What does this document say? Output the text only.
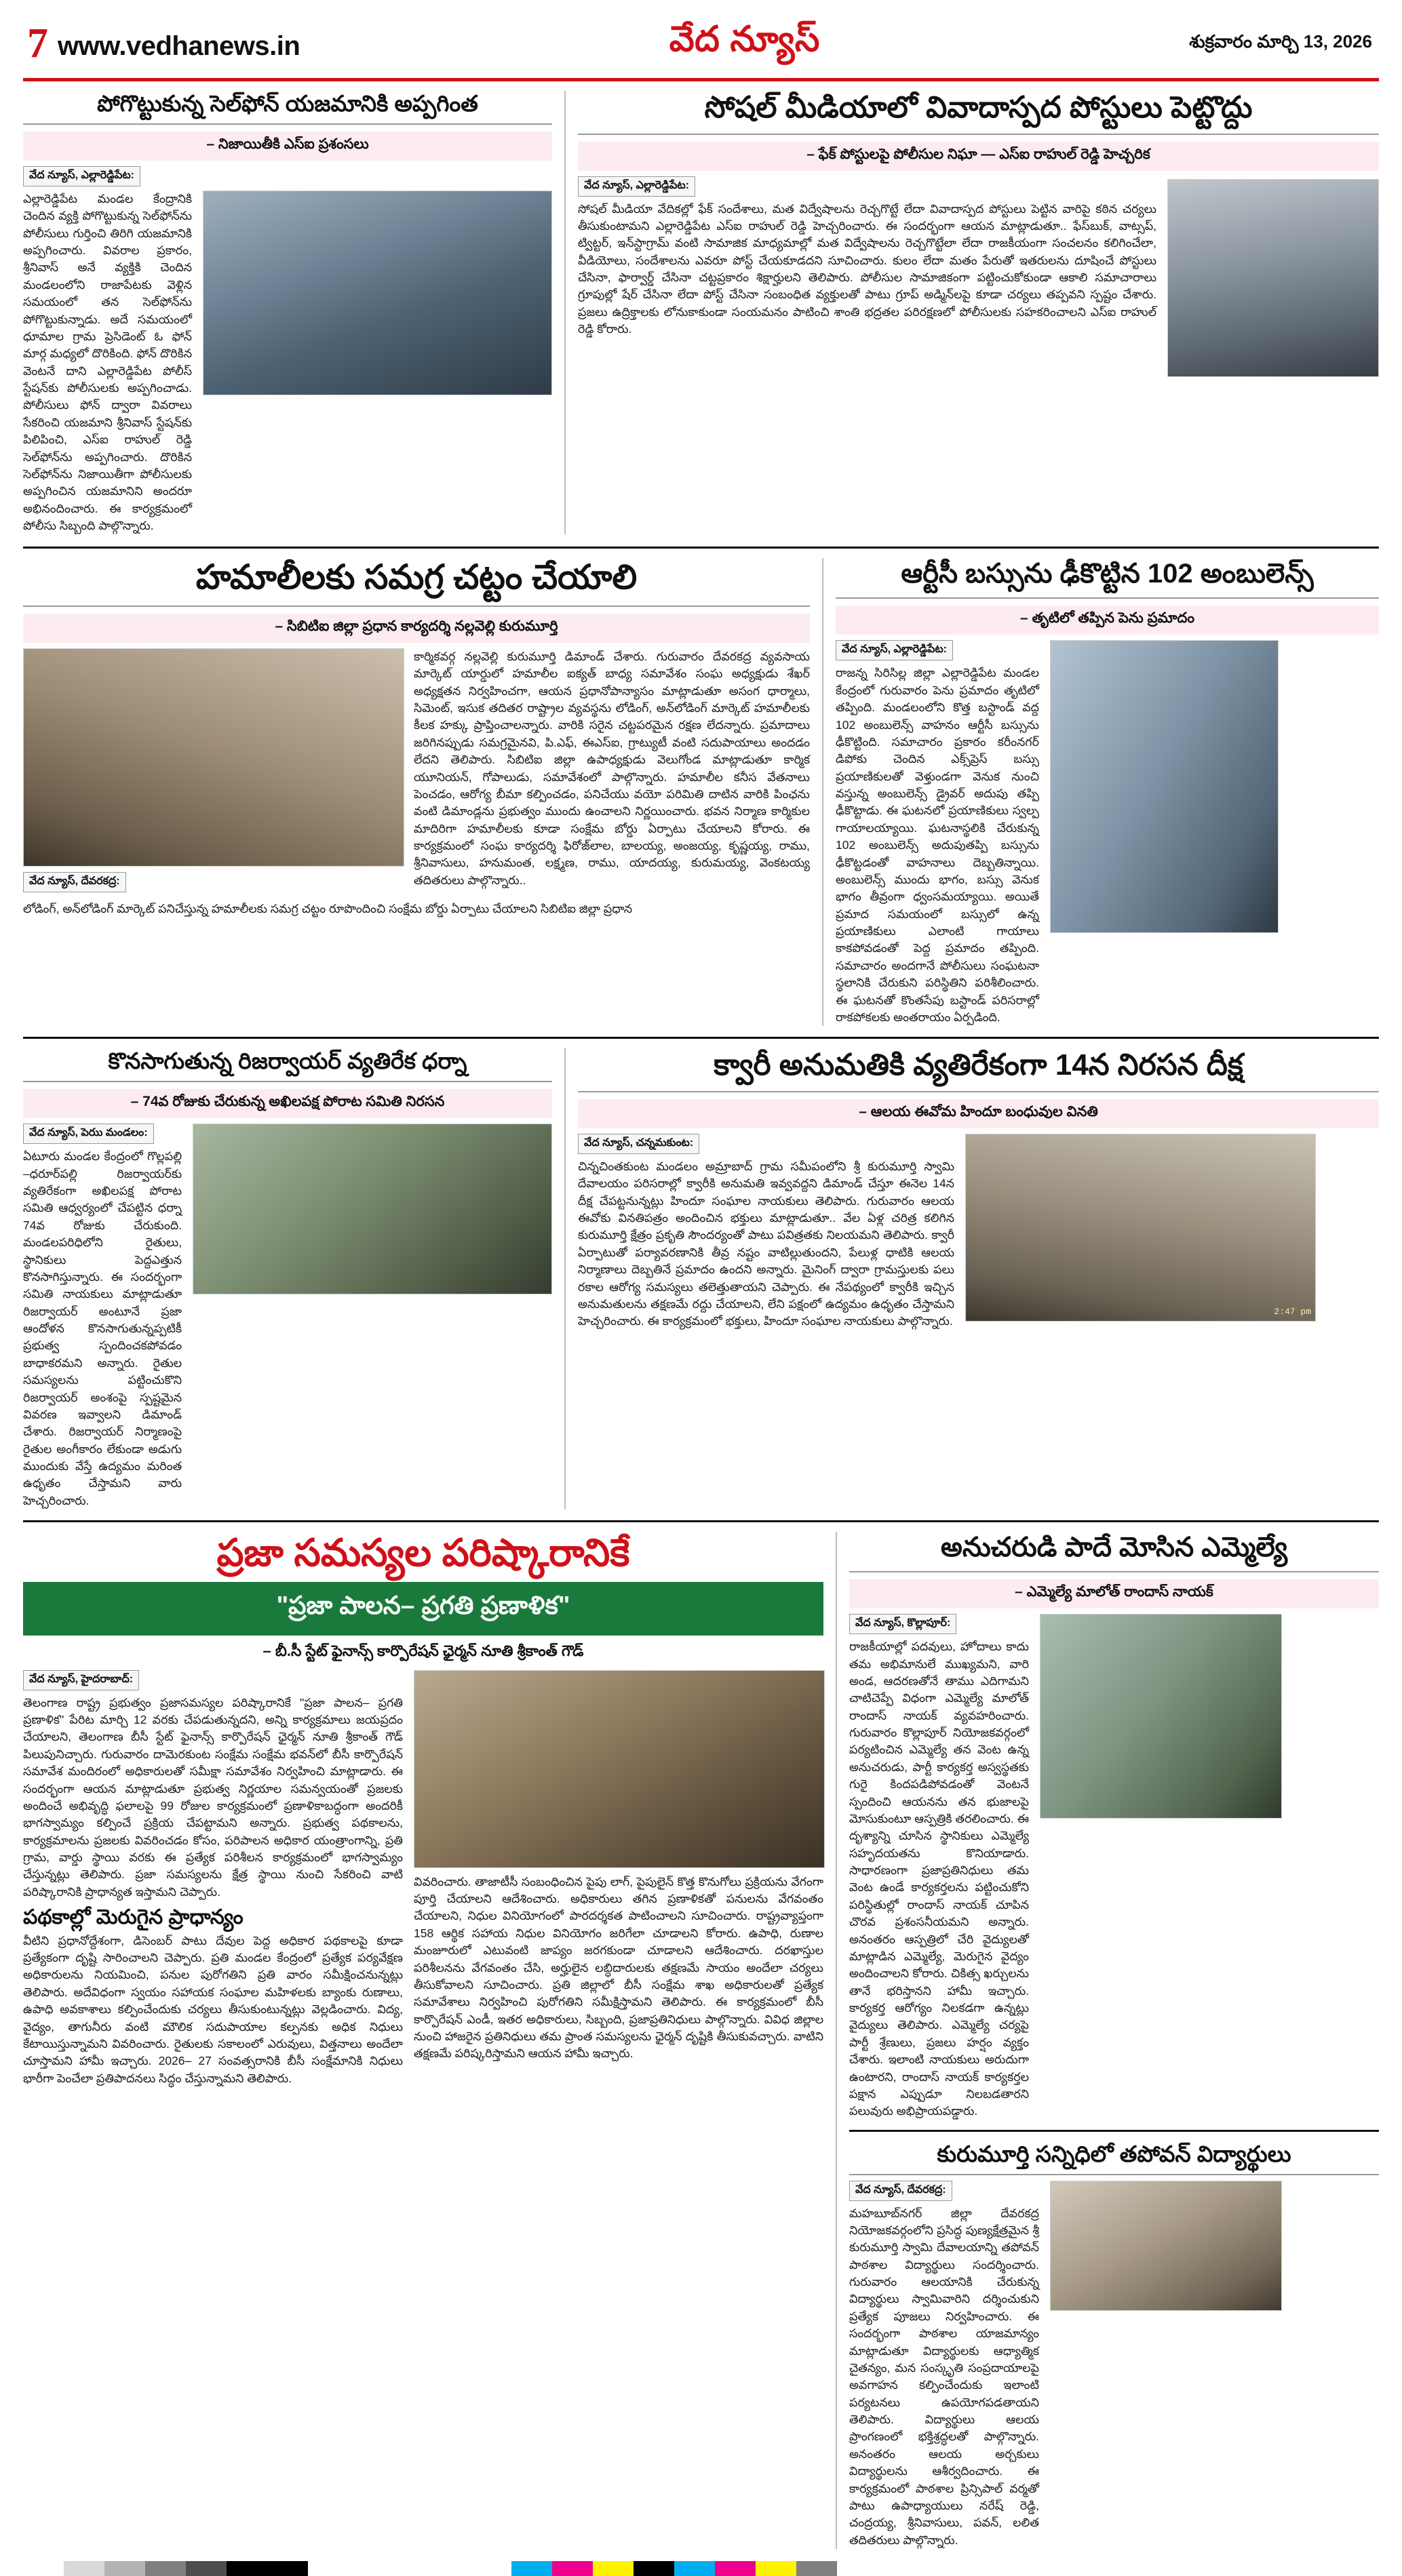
7 www.vedhanews.in	వేద న్యూస్	శుక్రవారం మార్చి 13, 2026
పోగొట్టుకున్న సెల్‌ఫోన్ యజమానికి అప్పగింత
– నిజాయితీకి ఎస్ఐ ప్రశంసలు
వేద న్యూస్, ఎల్లారెడ్డిపేట:
ఎల్లారెడ్డిపేట మండల కేంద్రానికి చెందిన వ్యక్తి పోగొట్టుకున్న సెల్‌ఫోన్‌ను పోలీసులు గుర్తించి తిరిగి యజమానికి అప్పగించారు. వివరాల ప్రకారం, శ్రీనివాస్ అనే వ్యక్తికి చెందిన మండలంలోని రాజాపేటకు వెళ్లిన సమయంలో తన సెల్‌ఫోన్‌ను పోగొట్టుకున్నాడు. అదే సమయంలో ధూమాల గ్రామ ప్రెసిడెంట్ ఓ ఫోన్ మార్గ మధ్యలో దొరికింది. ఫోన్ దొరికిన వెంటనే దాని ఎల్లారెడ్డిపేట పోలీస్ స్టేషన్‌కు పోలీసులకు అప్పగించాడు. పోలీసులు ఫోన్ ద్వారా వివరాలు సేకరించి యజమాని శ్రీనివాస్ స్టేషన్‌కు పిలిపించి, ఎస్ఐ రాహుల్ రెడ్డి సెల్‌ఫోన్‌ను అప్పగించారు. దొరికిన సెల్‌ఫోన్‌ను నిజాయితీగా పోలీసులకు అప్పగించిన యజమానిని అందరూ అభినందించారు. ఈ కార్యక్రమంలో పోలీసు సిబ్బంది పాల్గొన్నారు.
సోషల్ మీడియాలో వివాదాస్పద పోస్టులు పెట్టొద్దు
– ఫేక్ పోస్టులపై పోలీసుల నిఘా — ఎస్ఐ రాహుల్ రెడ్డి హెచ్చరిక
వేద న్యూస్, ఎల్లారెడ్డిపేట:
సోషల్ మీడియా వేదికల్లో ఫేక్ సందేశాలు, మత విద్వేషాలను రెచ్చగొట్టే లేదా వివాదాస్పద పోస్టులు పెట్టిన వారిపై కఠిన చర్యలు తీసుకుంటామని ఎల్లారెడ్డిపేట ఎస్ఐ రాహుల్ రెడ్డి హెచ్చరించారు. ఈ సందర్భంగా ఆయన మాట్లాడుతూ.. ఫేస్‌బుక్, వాట్సప్, ట్విట్టర్, ఇన్‌స్టాగ్రామ్ వంటి సామాజిక మాధ్యమాల్లో మత విద్వేషాలను రెచ్చగొట్టేలా లేదా రాజకీయంగా సంచలనం కలిగించేలా, వీడియోలు, సందేశాలను ఎవరూ పోస్ట్ చేయకూడదని సూచించారు. కులం లేదా మతం పేరుతో ఇతరులను దూషించే పోస్టులు చేసినా, ఫార్వార్డ్ చేసినా చట్టప్రకారం శిక్షార్హులని తెలిపారు. పోలీసుల సామాజికంగా పట్టించుకోకుండా ఆకాలి సమాచారాలు గ్రూపుల్లో షేర్ చేసినా లేదా పోస్ట్ చేసినా సంబంధిత వ్యక్తులతో పాటు గ్రూప్ అడ్మిన్‌లపై కూడా చర్యలు తప్పవని స్పష్టం చేశారు. ప్రజలు ఉద్రిక్తాలకు లోనుకాకుండా సంయమనం పాటించి శాంతి భద్రతల పరిరక్షణలో పోలీసులకు సహకరించాలని ఎస్ఐ రాహుల్ రెడ్డి కోరారు.
హమాలీలకు సమగ్ర చట్టం చేయాలి
– సిబిటిఐ జిల్లా ప్రధాన కార్యదర్శి నల్లవెల్లి కురుమూర్తి
వేద న్యూస్, దేవరకద్ర:
కార్మికవర్గ నల్లవెల్లి కురుమూర్తి డిమాండ్ చేశారు. గురువారం దేవరకద్ర వ్యవసాయ మార్కెట్ యార్డులో హమాలీల ఐక్యత్ బాధ్య సమావేశం సంఘ అధ్యక్షుడు శేఖర్ అధ్యక్షతన నిర్వహించగా, ఆయన ప్రధానోపాన్యాసం మాట్లాడుతూ అసంగ ధార్మాలు, సిమెంట్, ఇసుక తదితర రాష్ట్రాల వ్యవస్థను లోడింగ్, అన్‌లోడింగ్ మార్కెట్ హమాలీలకు కీలక హక్కు ప్రాప్తించాలన్నారు. వారికి సరైన చట్టపరమైన రక్షణ లేదన్నారు. ప్రమాదాలు జరిగినప్పుడు సమగ్రమైనవి, పి.ఎఫ్, ఈఎస్ఐ, గ్రాట్యుటీ వంటి సదుపాయాలు అందడం లేదని తెలిపారు. సిబిటిఐ జిల్లా ఉపాధ్యక్షుడు వెలుగోండ మాట్లాడుతూ కార్మిక యూనియన్, గోపాలుడు, సమావేశంలో పాల్గొన్నారు. హమాలీల కనీస వేతనాలు పెంచడం, ఆరోగ్య బీమా కల్పించడం, పనిచేయు వయో పరిమితి దాటిన వారికి పింఛను వంటి డిమాండ్లను ప్రభుత్వం ముందు ఉంచాలని నిర్ణయించారు. భవన నిర్మాణ కార్మికుల మాదిరిగా హమాలీలకు కూడా సంక్షేమ బోర్డు ఏర్పాటు చేయాలని కోరారు. ఈ కార్యక్రమంలో సంఘ కార్యదర్శి ఫిరోజ్‌లాల, బాలయ్య, అంజయ్య, కృష్ణయ్య, రాము, శ్రీనివాసులు, హనుమంత, లక్ష్మణ, రాము, యాదయ్య, కురుమయ్య, వెంకటయ్య తదితరులు పాల్గొన్నారు..
లోడింగ్, అన్‌లోడింగ్ మార్కెట్ పనిచేస్తున్న హమాలీలకు సమగ్ర చట్టం రూపొందించి సంక్షేమ బోర్డు ఏర్పాటు చేయాలని సిబిటిఐ జిల్లా ప్రధాన
ఆర్టీసీ బస్సును ఢీకొట్టిన 102 అంబులెన్స్
– తృటిలో తప్పిన పెను ప్రమాదం
వేద న్యూస్, ఎల్లారెడ్డిపేట:
రాజన్న సిరిసిల్ల జిల్లా ఎల్లారెడ్డిపేట మండల కేంద్రంలో గురువారం పెను ప్రమాదం తృటిలో తప్పింది. మండలంలోని కొత్త బస్టాండ్ వద్ద 102 అంబులెన్స్ వాహనం ఆర్టీసీ బస్సును ఢీకొట్టింది. సమాచారం ప్రకారం కరీంనగర్ డిపోకు చెందిన ఎక్స్‌ప్రెస్ బస్సు ప్రయాణికులతో వెళ్తుండగా వెనుక నుంచి వస్తున్న అంబులెన్స్ డ్రైవర్ అదుపు తప్పి ఢీకొట్టాడు. ఈ ఘటనలో ప్రయాణికులు స్వల్ప గాయాలయ్యాయి. ఘటనాస్థలికి చేరుకున్న 102 అంబులెన్స్ అదుపుతప్పి బస్సును ఢీకొట్టడంతో వాహనాలు దెబ్బతిన్నాయి. అంబులెన్స్ ముందు భాగం, బస్సు వెనుక భాగం తీవ్రంగా ధ్వంసమయ్యాయి. అయితే ప్రమాద సమయంలో బస్సులో ఉన్న ప్రయాణికులు ఎలాంటి గాయాలు కాకపోవడంతో పెద్ద ప్రమాదం తప్పింది. సమాచారం అందగానే పోలీసులు సంఘటనా స్థలానికి చేరుకుని పరిస్థితిని పరిశీలించారు. ఈ ఘటనతో కొంతసేపు బస్టాండ్ పరిసరాల్లో రాకపోకలకు అంతరాయం ఏర్పడింది.
కొనసాగుతున్న రిజర్వాయర్ వ్యతిరేక ధర్నా
– 74వ రోజుకు చేరుకున్న అఖిలపక్ష పోరాట సమితి నిరసన
వేద న్యూస్, పెరుు మండలం:
ఏటూరు మండల కేంద్రంలో గొల్లపల్లి –ధరూర్‌పల్లి రిజర్వాయర్‌కు వ్యతిరేకంగా అఖిలపక్ష పోరాట సమితి ఆధ్వర్యంలో చేపట్టిన ధర్నా 74వ రోజుకు చేరుకుంది. మండలపరిధిలోని రైతులు, స్థానికులు పెద్దఎత్తున కొనసాగిస్తున్నారు. ఈ సందర్భంగా సమితి నాయకులు మాట్లాడుతూ రిజర్వాయర్ అంటూనే ప్రజా ఆందోళన కొనసాగుతున్నప్పటికీ ప్రభుత్వ స్పందించకపోవడం బాధాకరమని అన్నారు. రైతుల సమస్యలను పట్టించుకొని రిజర్వాయర్ అంశంపై స్పష్టమైన వివరణ ఇవ్వాలని డిమాండ్ చేశారు. రిజర్వాయర్ నిర్మాణంపై రైతుల అంగీకారం లేకుండా అడుగు ముందుకు వేస్తే ఉద్యమం మరింత ఉధృతం చేస్తామని వారు హెచ్చరించారు.
క్వారీ అనుమతికి వ్యతిరేకంగా 14న నిరసన దీక్ష
– ఆలయ ఈవోమ హిందూ బంధువుల వినతి
వేద న్యూస్, చన్నమకుంట:
చిన్నచింతకుంట మండలం అమ్రాబాద్ గ్రామ సమీపంలోని శ్రీ కురుమూర్తి స్వామి దేవాలయం పరిసరాల్లో క్వారీకి అనుమతి ఇవ్వవద్దని డిమాండ్ చేస్తూ ఈనెల 14న దీక్ష చేపట్టనున్నట్లు హిందూ సంఘాల నాయకులు తెలిపారు. గురువారం ఆలయ ఈవోకు వినతిపత్రం అందించిన భక్తులు మాట్లాడుతూ.. వేల ఏళ్ల చరిత్ర కలిగిన కురుమూర్తి క్షేత్రం ప్రకృతి సౌందర్యంతో పాటు పవిత్రతకు నిలయమని తెలిపారు. క్వారీ ఏర్పాటుతో పర్యావరణానికి తీవ్ర నష్టం వాటిల్లుతుందని, పేలుళ్ల ధాటికి ఆలయ నిర్మాణాలు దెబ్బతినే ప్రమాదం ఉందని అన్నారు. మైనింగ్ ద్వారా గ్రామస్తులకు పలు రకాల ఆరోగ్య సమస్యలు తలెత్తుతాయని చెప్పారు. ఈ నేపథ్యంలో క్వారీకి ఇచ్చిన అనుమతులను తక్షణమే రద్దు చేయాలని, లేని పక్షంలో ఉద్యమం ఉధృతం చేస్తామని హెచ్చరించారు. ఈ కార్యక్రమంలో భక్తులు, హిందూ సంఘాల నాయకులు పాల్గొన్నారు.
2:47 pm
ప్రజా సమస్యల పరిష్కారానికే
"ప్రజా పాలన– ప్రగతి ప్రణాళిక"
– బీ.సీ స్టేట్ ఫైనాన్స్ కార్పొరేషన్ ఛైర్మన్ నూతి శ్రీకాంత్ గౌడ్
వేద న్యూస్, హైదరాబాద్:
తెలంగాణ రాష్ట్ర ప్రభుత్వం ప్రజాసమస్యల పరిష్కారానికే "ప్రజా పాలన– ప్రగతి ప్రణాళిక" పేరిట మార్చి 12 వరకు చేపడుతున్నదని, అన్ని కార్యక్రమాలు జయప్రదం చేయాలని, తెలంగాణ బీసీ స్టేట్ ఫైనాన్స్ కార్పొరేషన్ ఛైర్మన్ నూతి శ్రీకాంత్ గౌడ్ పిలుపునిచ్చారు. గురువారం దామెరకుంట సంక్షేమ సంక్షేమ భవన్‌లో బీసీ కార్పొరేషన్ సమావేశ మందిరంలో అధికారులతో సమీక్షా సమావేశం నిర్వహించి మాట్లాడారు. ఈ సందర్భంగా ఆయన మాట్లాడుతూ ప్రభుత్వ నిర్ణయాల సమన్వయంతో ప్రజలకు అందించే అభివృద్ధి ఫలాలపై 99 రోజుల కార్యక్రమంలో ప్రణాళికాబద్ధంగా అందరికీ భాగస్వామ్యం కల్పించే ప్రక్రియ చేపట్టామని అన్నారు. ప్రభుత్వ పథకాలను, కార్యక్రమాలను ప్రజలకు వివరించడం కోసం, పరిపాలన అధికార యంత్రాంగాన్ని, ప్రతి గ్రామ, వార్డు స్థాయి వరకు ఈ ప్రత్యేక పరిశీలన కార్యక్రమంలో భాగస్వామ్యం చేస్తున్నట్లు తెలిపారు. ప్రజా సమస్యలను క్షేత్ర స్థాయి నుంచి సేకరించి వాటి పరిష్కారానికి ప్రాధాన్యత ఇస్తామని చెప్పారు.
పథకాల్లో మెరుగైన ప్రాధాన్యం
వీటిని ప్రధానోద్దేశంగా, డిసెంబర్ పాటు దేవుల పెద్ద అధికార పథకాలపై కూడా ప్రత్యేకంగా దృష్టి సారించాలని చెప్పారు. ప్రతి మండల కేంద్రంలో ప్రత్యేక పర్యవేక్షణ అధికారులను నియమించి, పనుల పురోగతిని ప్రతి వారం సమీక్షించనున్నట్లు తెలిపారు. అదేవిధంగా స్వయం సహాయక సంఘాల మహిళలకు బ్యాంకు రుణాలు, ఉపాధి అవకాశాలు కల్పించేందుకు చర్యలు తీసుకుంటున్నట్లు వెల్లడించారు. విద్య, వైద్యం, తాగునీరు వంటి మౌలిక సదుపాయాల కల్పనకు అధిక నిధులు కేటాయిస్తున్నామని వివరించారు. రైతులకు సకాలంలో ఎరువులు, విత్తనాలు అందేలా చూస్తామని హామీ ఇచ్చారు. 2026– 27 సంవత్సరానికి బీసీ సంక్షేమానికి నిధులు భారీగా పెంచేలా ప్రతిపాదనలు సిద్ధం చేస్తున్నామని తెలిపారు.
వివరించారు. తాజాటీసీ సంబంధించిన పైపు లాగ్, పైపులైన్ కొత్త కొనుగోలు ప్రక్రియను వేగంగా పూర్తి చేయాలని ఆదేశించారు. అధికారులు తగిన ప్రణాళికతో పనులను వేగవంతం చేయాలని, నిధుల వినియోగంలో పారదర్శకత పాటించాలని సూచించారు. రాష్ట్రవ్యాప్తంగా 158 ఆర్థిక సహాయ నిధుల వినియోగం జరిగేలా చూడాలని కోరారు. ఉపాధి, రుణాల మంజూరులో ఎటువంటి జాప్యం జరగకుండా చూడాలని ఆదేశించారు. దరఖాస్తుల పరిశీలనను వేగవంతం చేసి, అర్హులైన లబ్ధిదారులకు తక్షణమే సాయం అందేలా చర్యలు తీసుకోవాలని సూచించారు. ప్రతి జిల్లాలో బీసీ సంక్షేమ శాఖ అధికారులతో ప్రత్యేక సమావేశాలు నిర్వహించి పురోగతిని సమీక్షిస్తామని తెలిపారు. ఈ కార్యక్రమంలో బీసీ కార్పొరేషన్ ఎండీ, ఇతర అధికారులు, సిబ్బంది, ప్రజాప్రతినిధులు పాల్గొన్నారు. వివిధ జిల్లాల నుంచి హాజరైన ప్రతినిధులు తమ ప్రాంత సమస్యలను ఛైర్మన్ దృష్టికి తీసుకువచ్చారు. వాటిని తక్షణమే పరిష్కరిస్తామని ఆయన హామీ ఇచ్చారు.
అనుచరుడి పాదే మోసిన ఎమ్మెల్యే
– ఎమ్మెల్యే మాలోత్ రాందాస్ నాయక్
వేద న్యూస్, కొల్లాపూర్:
రాజకీయాల్లో పదవులు, హోదాలు కాదు తమ అభిమానులే ముఖ్యమని, వారి అండ, ఆదరణతోనే తాము ఎదిగామని చాటిచెప్పే విధంగా ఎమ్మెల్యే మాలోత్ రాందాస్ నాయక్ వ్యవహరించారు. గురువారం కొల్లాపూర్ నియోజకవర్గంలో పర్యటించిన ఎమ్మెల్యే తన వెంట ఉన్న అనుచరుడు, పార్టీ కార్యకర్త అస్వస్థతకు గురై కిందపడిపోవడంతో వెంటనే స్పందించి ఆయనను తన భుజాలపై మోసుకుంటూ ఆస్పత్రికి తరలించారు. ఈ దృశ్యాన్ని చూసిన స్థానికులు ఎమ్మెల్యే సహృదయతను కొనియాడారు. సాధారణంగా ప్రజాప్రతినిధులు తమ వెంట ఉండే కార్యకర్తలను పట్టించుకోని పరిస్థితుల్లో రాందాస్ నాయక్ చూపిన చొరవ ప్రశంసనీయమని అన్నారు. అనంతరం ఆస్పత్రిలో చేరి వైద్యులతో మాట్లాడిన ఎమ్మెల్యే, మెరుగైన వైద్యం అందించాలని కోరారు. చికిత్స ఖర్చులను తానే భరిస్తానని హామీ ఇచ్చారు. కార్యకర్త ఆరోగ్యం నిలకడగా ఉన్నట్లు వైద్యులు తెలిపారు. ఎమ్మెల్యే చర్యపై పార్టీ శ్రేణులు, ప్రజలు హర్షం వ్యక్తం చేశారు. ఇలాంటి నాయకులు అరుదుగా ఉంటారని, రాందాస్ నాయక్ కార్యకర్తల పక్షాన ఎప్పుడూ నిలబడతారని పలువురు అభిప్రాయపడ్డారు.
కురుమూర్తి సన్నిధిలో తపోవన్ విద్యార్థులు
వేద న్యూస్, దేవరకద్ర:
మహబూబ్‌నగర్ జిల్లా దేవరకద్ర నియోజకవర్గంలోని ప్రసిద్ధ పుణ్యక్షేత్రమైన శ్రీ కురుమూర్తి స్వామి దేవాలయాన్ని తపోవన్ పాఠశాల విద్యార్థులు సందర్శించారు. గురువారం ఆలయానికి చేరుకున్న విద్యార్థులు స్వామివారిని దర్శించుకుని ప్రత్యేక పూజలు నిర్వహించారు. ఈ సందర్భంగా పాఠశాల యాజమాన్యం మాట్లాడుతూ విద్యార్థులకు ఆధ్యాత్మిక చైతన్యం, మన సంస్కృతి సంప్రదాయాలపై అవగాహన కల్పించేందుకు ఇలాంటి పర్యటనలు ఉపయోగపడతాయని తెలిపారు. విద్యార్థులు ఆలయ ప్రాంగణంలో భక్తిశ్రద్ధలతో పాల్గొన్నారు. అనంతరం ఆలయ అర్చకులు విద్యార్థులను ఆశీర్వదించారు. ఈ కార్యక్రమంలో పాఠశాల ప్రిన్సిపాల్ వర్మతో పాటు ఉపాధ్యాయులు నరేష్ రెడ్డి, చంద్రయ్య, శ్రీనివాసులు, పవన్, లలిత తదితరులు పాల్గొన్నారు.
